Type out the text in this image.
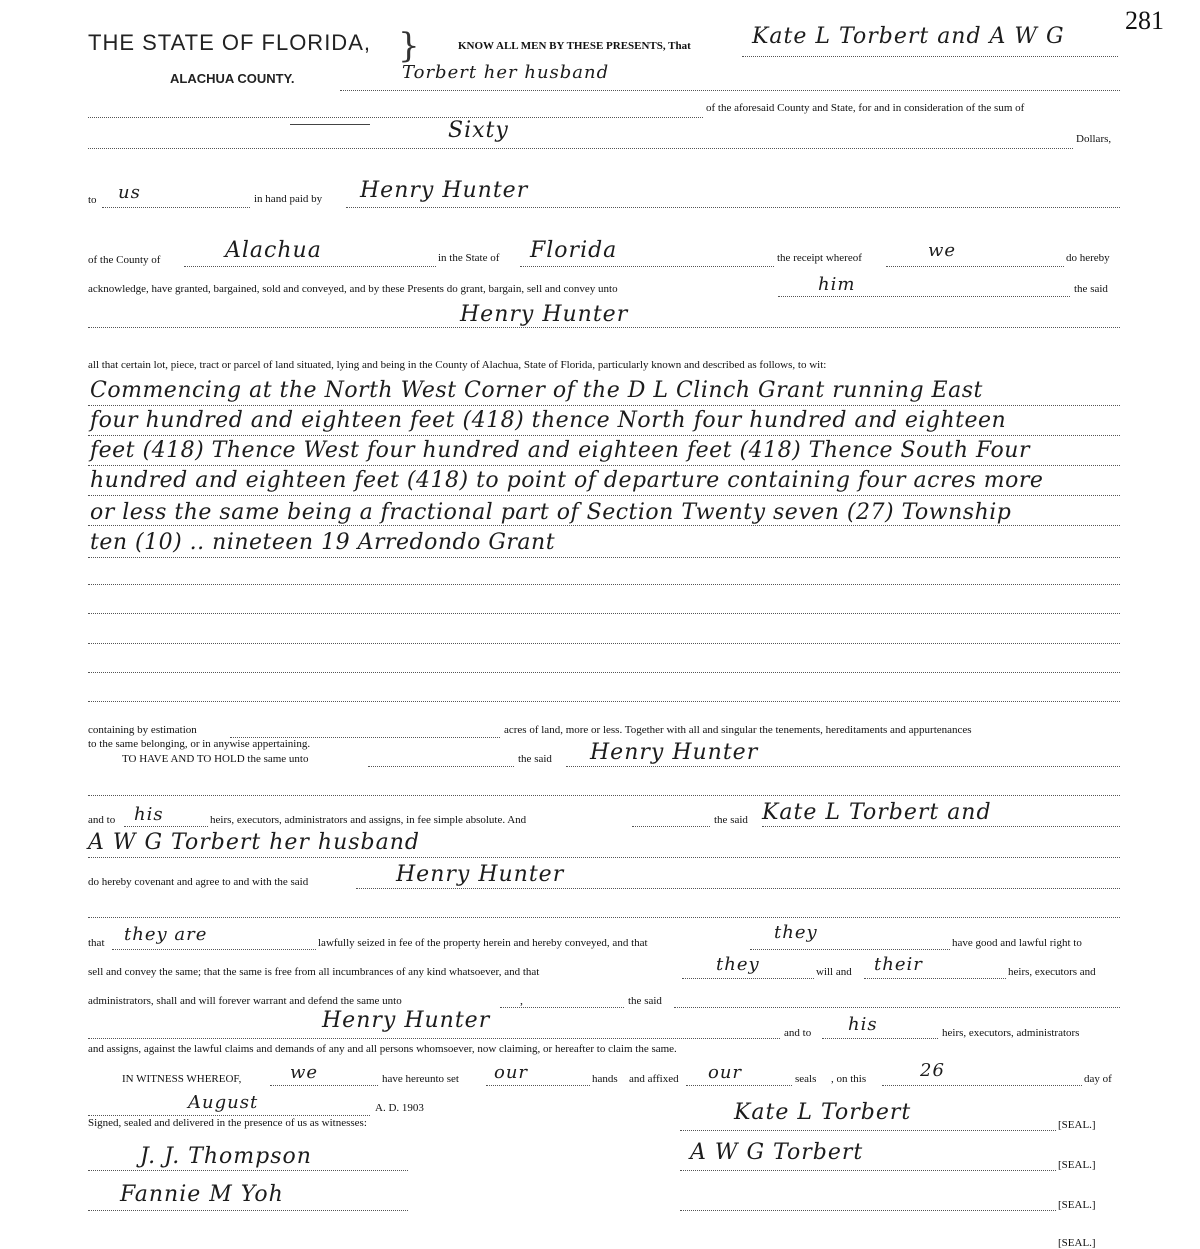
THE STATE OF FLORIDA, }
ALACHUA COUNTY.
KNOW ALL MEN BY THESE PRESENTS, That
281
Kate L Torbert and A W G
Torbert her husband
of the aforesaid County and State, for and in consideration of the sum of
Sixty	Dollars,
to us	in hand paid by Henry Hunter
of the County of	Alachua	in the State of Florida	the receipt whereof	we	do hereby
acknowledge, have granted, bargained, sold and conveyed, and by these Presents do grant, bargain, sell and convey unto	him	the said
Henry Hunter
all that certain lot, piece, tract or parcel of land situated, lying and being in the County of Alachua, State of Florida, particularly known and described as follows, to wit:
Commencing at the North West Corner of the D L Clinch Grant running East
four hundred and eighteen feet (418) thence North four hundred and eighteen
feet (418) Thence West four hundred and eighteen feet (418) Thence South Four
hundred and eighteen feet (418) to point of departure containing four acres more
or less the same being a fractional part of Section Twenty seven (27) Township
ten (10) .. nineteen 19 Arredondo Grant
containing by estimation	acres of land, more or less. Together with all and singular the tenements, hereditaments and appurtenances
to the same belonging, or in anywise appertaining.
TO HAVE AND TO HOLD the same unto	the said Henry Hunter
and to his	heirs, executors, administrators and assigns, in fee simple absolute. And	the said Kate L Torbert and
A W G Torbert her husband
do hereby covenant and agree to and with the said	Henry Hunter
that they are	lawfully seized in fee of the property herein and hereby conveyed, and that	they	have good and lawful right to
sell and convey the same; that the same is free from all incumbrances of any kind whatsoever, and that	they	will and their	heirs, executors and
administrators, shall and will forever warrant and defend the same unto	,	the said
Henry Hunter	and to his	heirs, executors, administrators
and assigns, against the lawful claims and demands of any and all persons whomsoever, now claiming, or hereafter to claim the same.
IN WITNESS WHEREOF,	we	have hereunto set our	hands and affixed our	seals , on this	26	day of
August	A. D. 1903
Signed, sealed and delivered in the presence of us as witnesses:	Kate L Torbert	[SEAL.]
J. J. Thompson	A W G Torbert	[SEAL.]
Fannie M Yoh	[SEAL.]
[SEAL.]
